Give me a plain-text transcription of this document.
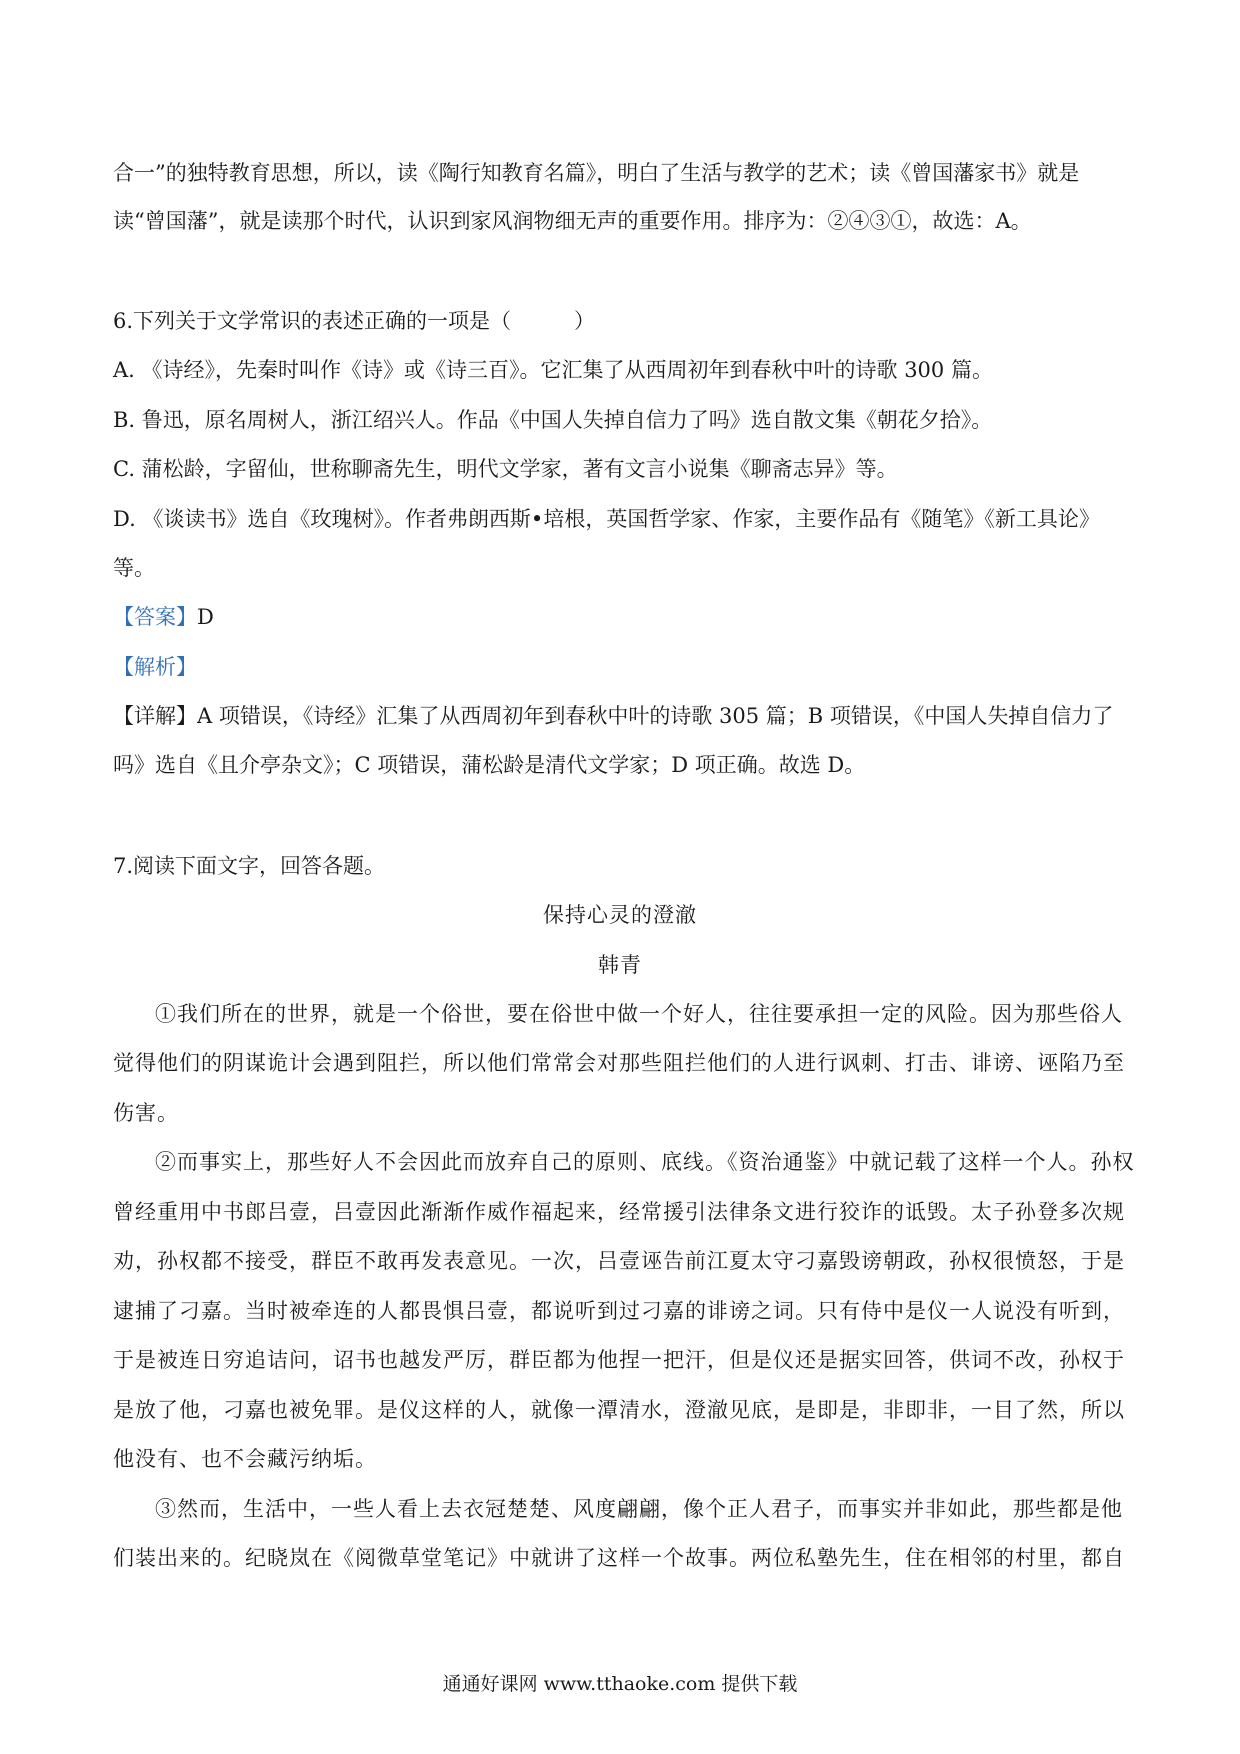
合一”的独特教育思想，所以，读《陶行知教育名篇》，明白了生活与教学的艺术；读《曾国藩家书》就是
读“曾国藩”，就是读那个时代，认识到家风润物细无声的重要作用。排序为：②④③①，故选：A。
6.下列关于文学常识的表述正确的一项是（　　　）
A. 《诗经》，先秦时叫作《诗》或《诗三百》。它汇集了从西周初年到春秋中叶的诗歌 300 篇。
B. 鲁迅，原名周树人，浙江绍兴人。作品《中国人失掉自信力了吗》选自散文集《朝花夕拾》。
C. 蒲松龄，字留仙，世称聊斋先生，明代文学家，著有文言小说集《聊斋志异》等。
D. 《谈读书》选自《玫瑰树》。作者弗朗西斯•培根，英国哲学家、作家，主要作品有《随笔》《新工具论》
等。
【答案】D
【解析】
【详解】A 项错误，《诗经》汇集了从西周初年到春秋中叶的诗歌 305 篇；B 项错误，《中国人失掉自信力了
吗》选自《且介亭杂文》；C 项错误，蒲松龄是清代文学家；D 项正确。故选 D。
7.阅读下面文字，回答各题。
保持心灵的澄澈
韩青
①我们所在的世界，就是一个俗世，要在俗世中做一个好人，往往要承担一定的风险。因为那些俗人
觉得他们的阴谋诡计会遇到阻拦，所以他们常常会对那些阻拦他们的人进行讽刺、打击、诽谤、诬陷乃至
伤害。
②而事实上，那些好人不会因此而放弃自己的原则、底线。《资治通鉴》中就记载了这样一个人。孙权
曾经重用中书郎吕壹，吕壹因此渐渐作威作福起来，经常援引法律条文进行狡诈的诋毁。太子孙登多次规
劝，孙权都不接受，群臣不敢再发表意见。一次，吕壹诬告前江夏太守刁嘉毁谤朝政，孙权很愤怒，于是
逮捕了刁嘉。当时被牵连的人都畏惧吕壹，都说听到过刁嘉的诽谤之词。只有侍中是仪一人说没有听到，
于是被连日穷追诘问，诏书也越发严厉，群臣都为他捏一把汗，但是仪还是据实回答，供词不改，孙权于
是放了他，刁嘉也被免罪。是仪这样的人，就像一潭清水，澄澈见底，是即是，非即非，一目了然，所以
他没有、也不会藏污纳垢。
③然而，生活中，一些人看上去衣冠楚楚、风度翩翩，像个正人君子，而事实并非如此，那些都是他
们装出来的。纪晓岚在《阅微草堂笔记》中就讲了这样一个故事。两位私塾先生，住在相邻的村里，都自
通通好课网 www.tthaoke.com 提供下载
